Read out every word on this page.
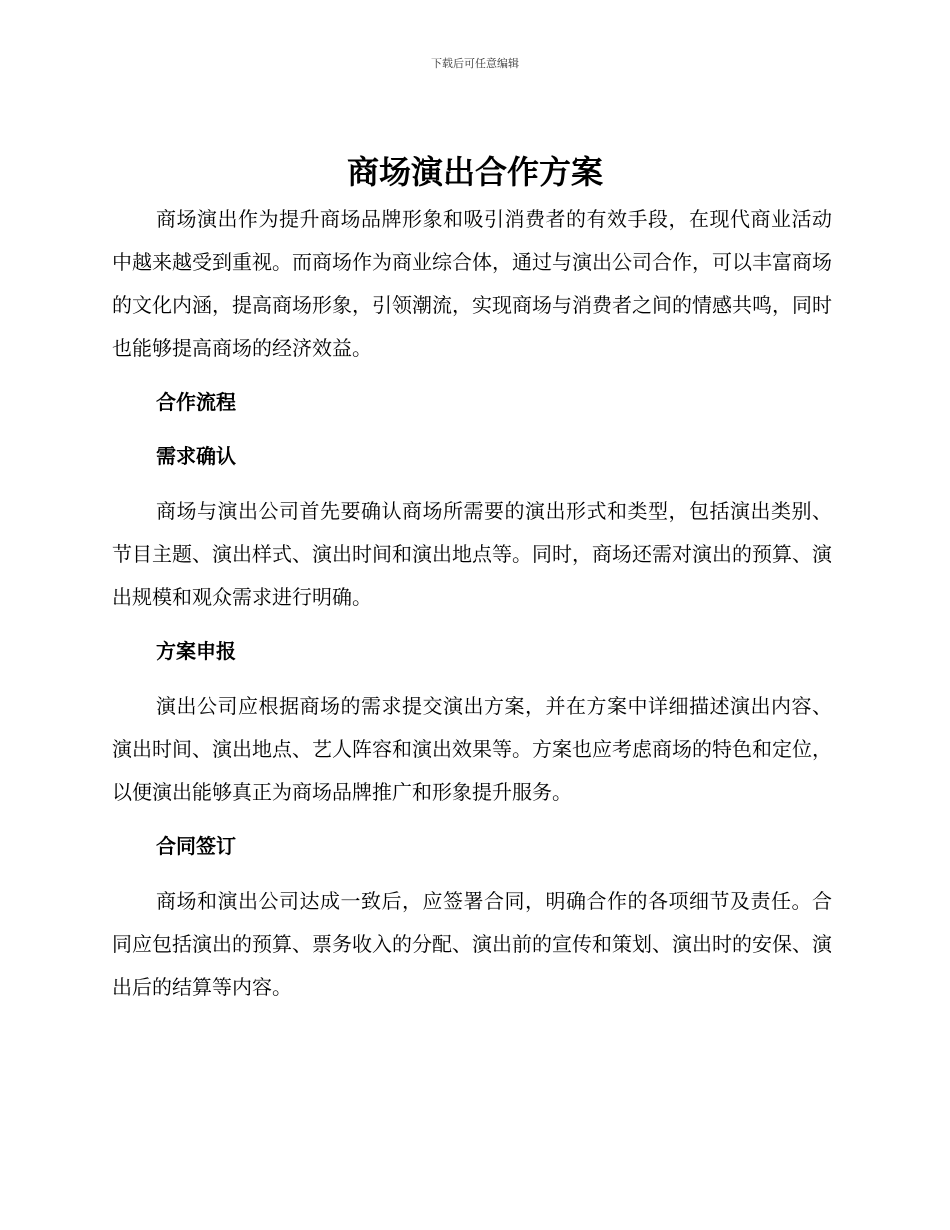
下载后可任意编辑
商场演出合作方案

商场演出作为提升商场品牌形象和吸引消费者的有效手段，在现代商业活动中越来越受到重视。而商场作为商业综合体，通过与演出公司合作，可以丰富商场的文化内涵，提高商场形象，引领潮流，实现商场与消费者之间的情感共鸣，同时也能够提高商场的经济效益。

合作流程

需求确认

商场与演出公司首先要确认商场所需要的演出形式和类型，包括演出类别、节目主题、演出样式、演出时间和演出地点等。同时，商场还需对演出的预算、演出规模和观众需求进行明确。

方案申报

演出公司应根据商场的需求提交演出方案，并在方案中详细描述演出内容、演出时间、演出地点、艺人阵容和演出效果等。方案也应考虑商场的特色和定位，以便演出能够真正为商场品牌推广和形象提升服务。

合同签订

商场和演出公司达成一致后，应签署合同，明确合作的各项细节及责任。合同应包括演出的预算、票务收入的分配、演出前的宣传和策划、演出时的安保、演出后的结算等内容。
